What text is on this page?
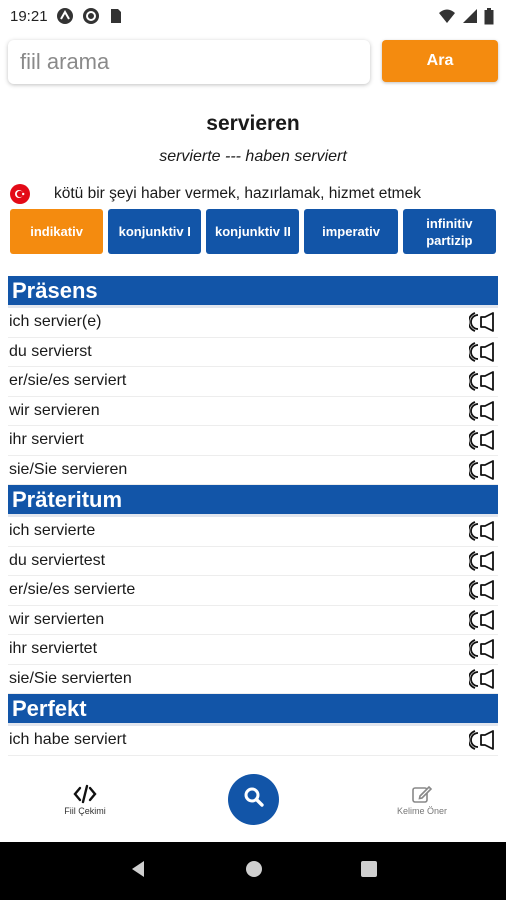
19:21
fiil arama	Ara
servieren
servierte --- haben serviert
kötü bir şeyi haber vermek, hazırlamak, hizmet etmek
indikativ	konjunktiv I	konjunktiv II	imperativ
infinitiv partizip
Präsens
ich servier(e)
du servierst
er/sie/es serviert
wir servieren
ihr serviert
sie/Sie servieren
Präteritum
ich servierte
du serviertest
er/sie/es servierte
wir servierten
ihr serviertet
sie/Sie servierten
Perfekt
ich habe serviert
Fiil Çekimi	Kelime Öner
